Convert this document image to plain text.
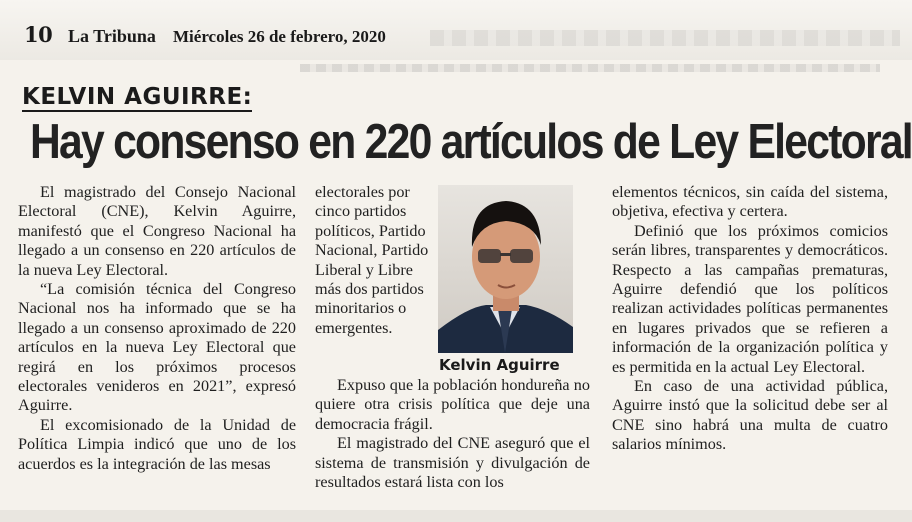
10 La Tribuna Miércoles 26 de febrero, 2020
KELVIN AGUIRRE:
Hay consenso en 220 artículos de Ley Electoral

El magistrado del Consejo Nacional Electoral (CNE), Kelvin Aguirre, manifestó que el Congreso Nacional ha llegado a un consenso en 220 artículos de la nueva Ley Electoral.

“La comisión técnica del Congreso Nacional nos ha informado que se ha llegado a un consenso aproximado de 220 artículos en la nueva Ley Electoral que regirá en los próximos procesos electorales venideros en 2021”, expresó Aguirre.

El excomisionado de la Unidad de Política Limpia indicó que uno de los acuerdos es la integración de las mesas

electorales por cinco partidos políticos, Partido Nacional, Partido Liberal y Libre más dos partidos minoritarios o emergentes.

Kelvin Aguirre

Expuso que la población hondureña no quiere otra crisis política que deje una democracia frágil.

El magistrado del CNE aseguró que el sistema de transmisión y divulgación de resultados estará lista con los

elementos técnicos, sin caída del sistema, objetiva, efectiva y certera.

Definió que los próximos comicios serán libres, transparentes y democráticos. Respecto a las campañas prematuras, Aguirre defendió que los políticos realizan actividades políticas permanentes en lugares privados que se refieren a información de la organización política y es permitida en la actual Ley Electoral.

En caso de una actividad pública, Aguirre instó que la solicitud debe ser al CNE sino habrá una multa de cuatro salarios mínimos.
